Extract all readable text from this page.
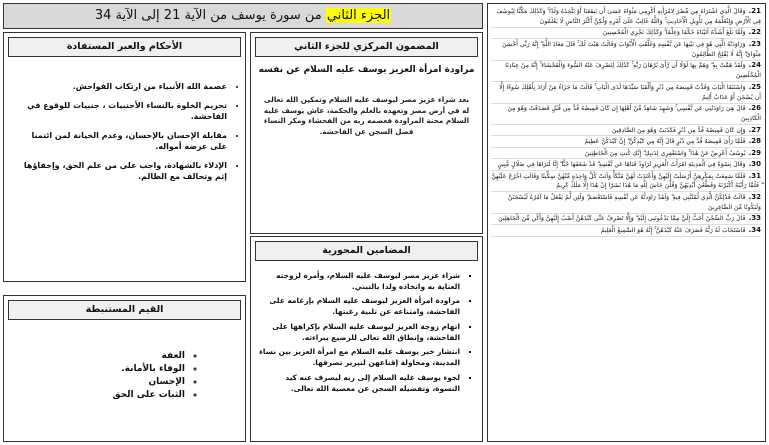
الجزء الثاني من سورة يوسف من الآية 21 إلى الآية 34
المضمون المركزي للجزء الثاني
مراودة امرأة العزيز يوسف عليه السلام عن نفسه
بعد شراء عزيز مصر ليوسف عليه السلام وتمكين الله تعالى له في أرض مصر وتعهده بالعلم والحكمة، عاش يوسف عليه السلام محنة المراودة فعصمه ربه من الفحشاء ومكر النساء فضل السجن عن الفاحشة.
الأحكام والعبر المستفادة
• عصمة الله الأنبياء من ارتكاب الفواحش.
• تحريم الخلوة بالنساء الأجنبيات ، جنبيات للوقوع في الفاحشة.
• مقابلة الإحسان بالإحسان، وعدم الخيانة لمن ائتمنا على عرضه أمواله.
• الإدلاء بالشهادة، واجب على من علم الحق، وإخفاؤها إثم وتحالف مع الظالم.
المضامين المحورية
▪ شراء عزيز مصر ليوسف عليه السلام، وأمره لزوجته العناية به واتخاذه ولدا بالتبني.
▪ مراودة امرأة العزيز ليوسف عليه السلام بإرغامه على الفاحشة، وامتناعه عن تلبية رغبتها.
▪ اتهام زوجة العزيز ليوسف عليه السلام بإكراهها على الفاحشة، وإنطاق الله تعالى للرضيع ببراءته.
▪ انتشار خبر يوسف عليه السلام مع امرأة العزيز بين نساء المدينة، ومحاولة إقناعهن لتبرير تصرفها.
▪ لجوء يوسف عليه السلام إلى ربه ليصرف عنه كيد النسوة، وتفضيله السجن عن معصية الله تعالى.
القيم المستنبطة
◦ العفة
◦ الوفاء بالأمانة.
◦ الإحسان
◦ الثبات على الحق
21.وَقَالَ الَّذِي اشْتَرَاهُ مِن مِّصْرَ لِامْرَأَتِهِ أَكْرِمِي مَثْوَاهُ عَسَىٰ أَن يَنفَعَنَا أَوْ نَتَّخِذَهُ وَلَدًا ۚ وَكَذَٰلِكَ مَكَّنَّا لِيُوسُفَ فِي الْأَرْضِ وَلِنُعَلِّمَهُ مِن تَأْوِيلِ الْأَحَادِيثِ ۚ وَاللَّهُ غَالِبٌ عَلَىٰ أَمْرِهِ وَلَٰكِنَّ أَكْثَرَ النَّاسِ لَا يَعْلَمُونَ
22.وَلَمَّا بَلَغَ أَشُدَّهُ آتَيْنَاهُ حُكْمًا وَعِلْمًا ۚ وَكَذَٰلِكَ نَجْزِي الْمُحْسِنِينَ
23.وَرَاوَدَتْهُ الَّتِي هُوَ فِي بَيْتِهَا عَن نَّفْسِهِ وَغَلَّقَتِ الْأَبْوَابَ وَقَالَتْ هَيْتَ لَكَ ۚ قَالَ مَعَاذَ اللَّهِ ۖ إِنَّهُ رَبِّي أَحْسَنَ مَثْوَايَ ۖ إِنَّهُ لَا يُفْلِحُ الظَّالِمُونَ
24.وَلَقَدْ هَمَّتْ بِهِ ۖ وَهَمَّ بِهَا لَوْلَا أَن رَّأَىٰ بُرْهَانَ رَبِّهِ ۚ كَذَٰلِكَ لِنَصْرِفَ عَنْهُ السُّوءَ وَالْفَحْشَاءَ ۚ إِنَّهُ مِنْ عِبَادِنَا الْمُخْلَصِينَ
25.وَاسْتَبَقَا الْبَابَ وَقَدَّتْ قَمِيصَهُ مِن دُبُرٍ وَأَلْفَيَا سَيِّدَهَا لَدَى الْبَابِ ۚ قَالَتْ مَا جَزَاءُ مَنْ أَرَادَ بِأَهْلِكَ سُوءًا إِلَّا أَن يُسْجَنَ أَوْ عَذَابٌ أَلِيمٌ
26.قَالَ هِيَ رَاوَدَتْنِي عَن نَّفْسِي ۚ وَشَهِدَ شَاهِدٌ مِّنْ أَهْلِهَا إِن كَانَ قَمِيصُهُ قُدَّ مِن قُبُلٍ فَصَدَقَتْ وَهُوَ مِنَ الْكَاذِبِينَ
27.وَإِن كَانَ قَمِيصُهُ قُدَّ مِن دُبُرٍ فَكَذَبَتْ وَهُوَ مِنَ الصَّادِقِينَ
28.فَلَمَّا رَأَىٰ قَمِيصَهُ قُدَّ مِن دُبُرٍ قَالَ إِنَّهُ مِن كَيْدِكُنَّ ۖ إِنَّ كَيْدَكُنَّ عَظِيمٌ
29.يُوسُفُ أَعْرِضْ عَنْ هَٰذَا ۚ وَاسْتَغْفِرِي لِذَنبِكِ ۖ إِنَّكِ كُنتِ مِنَ الْخَاطِئِينَ
30.وَقَالَ نِسْوَةٌ فِي الْمَدِينَةِ امْرَأَتُ الْعَزِيزِ تُرَاوِدُ فَتَاهَا عَن نَّفْسِهِ ۖ قَدْ شَغَفَهَا حُبًّا ۖ إِنَّا لَنَرَاهَا فِي ضَلَالٍ مُّبِينٍ
31.فَلَمَّا سَمِعَتْ بِمَكْرِهِنَّ أَرْسَلَتْ إِلَيْهِنَّ وَأَعْتَدَتْ لَهُنَّ مُتَّكَأً وَآتَتْ كُلَّ وَاحِدَةٍ مِّنْهُنَّ سِكِّينًا وَقَالَتِ اخْرُجْ عَلَيْهِنَّ ۖ فَلَمَّا رَأَيْنَهُ أَكْبَرْنَهُ وَقَطَّعْنَ أَيْدِيَهُنَّ وَقُلْنَ حَاشَ لِلَّهِ مَا هَٰذَا بَشَرًا إِنْ هَٰذَا إِلَّا مَلَكٌ كَرِيمٌ
32.قَالَتْ فَذَٰلِكُنَّ الَّذِي لُمْتُنَّنِي فِيهِ ۖ وَلَقَدْ رَاوَدتُّهُ عَن نَّفْسِهِ فَاسْتَعْصَمَ ۖ وَلَئِن لَّمْ يَفْعَلْ مَا آمُرُهُ لَيُسْجَنَنَّ وَلَيَكُونًا مِّنَ الصَّاغِرِينَ
33.قَالَ رَبِّ السِّجْنُ أَحَبُّ إِلَيَّ مِمَّا يَدْعُونَنِي إِلَيْهِ ۖ وَإِلَّا تَصْرِفْ عَنِّي كَيْدَهُنَّ أَصْبُ إِلَيْهِنَّ وَأَكُن مِّنَ الْجَاهِلِينَ
34.فَاسْتَجَابَ لَهُ رَبُّهُ فَصَرَفَ عَنْهُ كَيْدَهُنَّ ۚ إِنَّهُ هُوَ السَّمِيعُ الْعَلِيمُ
